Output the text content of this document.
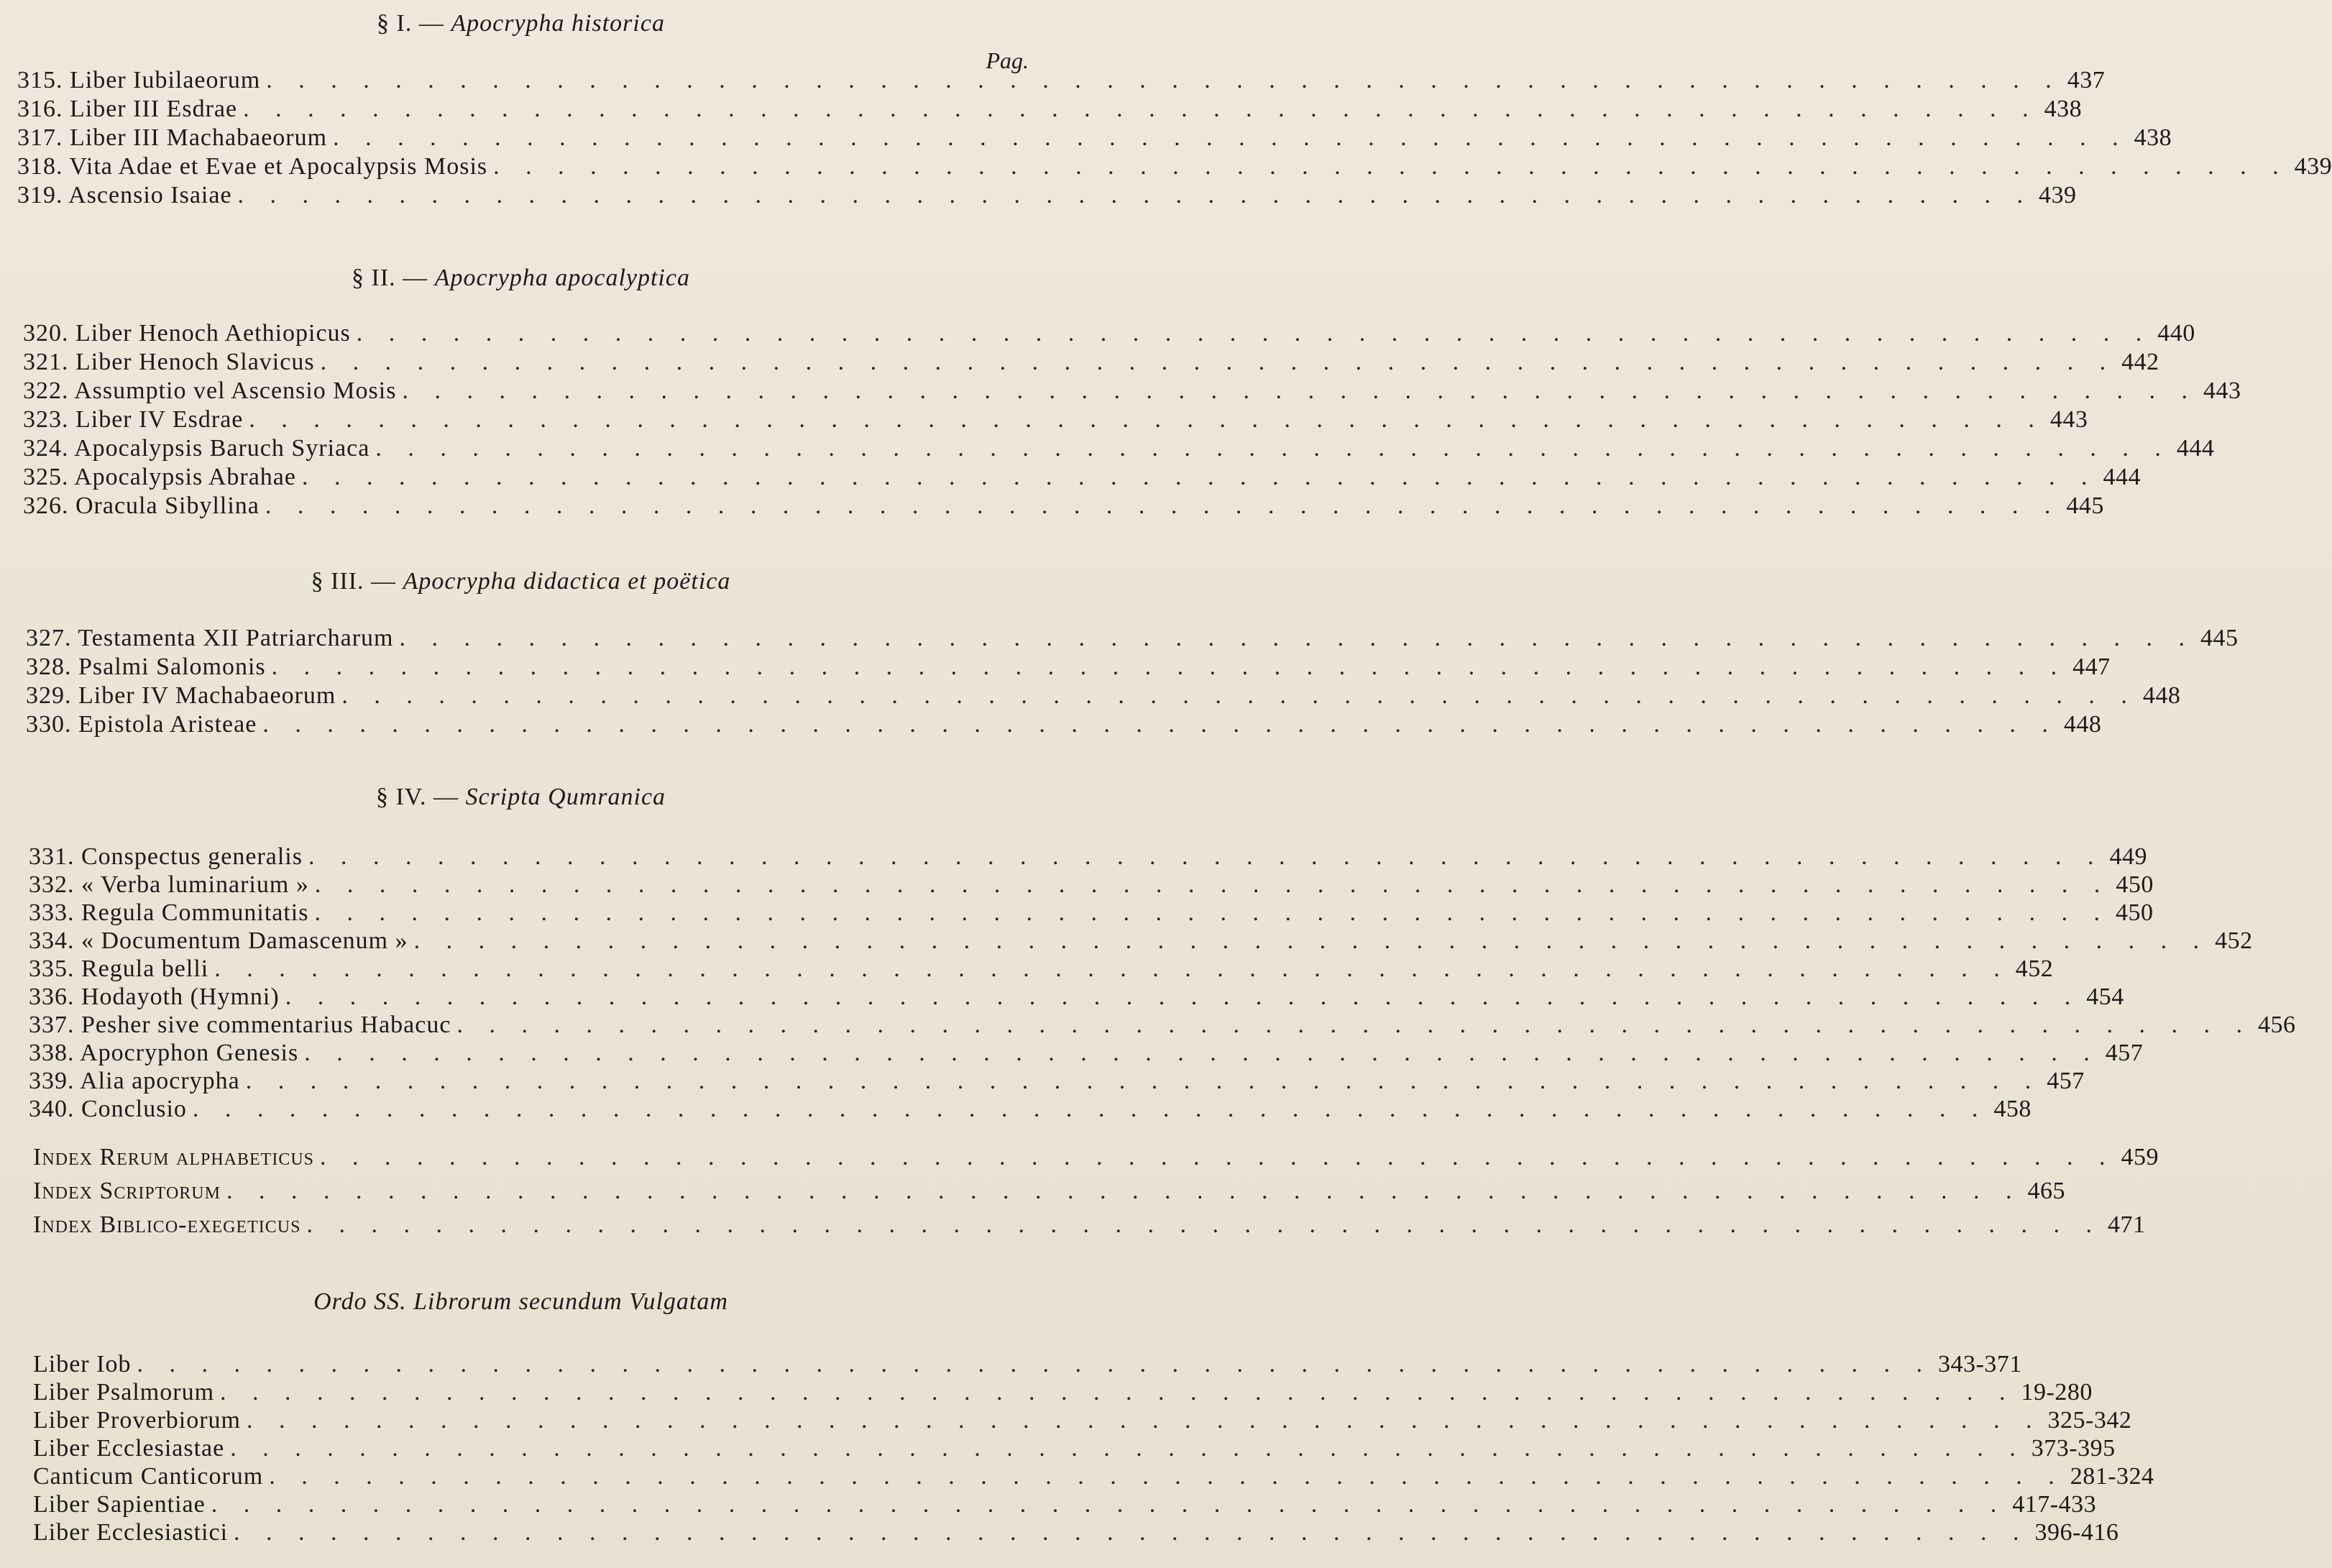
§ I. — Apocrypha historica
Pag.
315. Liber Iubilaeorum . . . . . . . . . . . . . . . . . . . . . . . . . . . . . . . . . . . . . . . . . . . . . . . . . . . . . . . . 437
316. Liber III Esdrae . . . . . . . . . . . . . . . . . . . . . . . . . . . . . . . . . . . . . . . . . . . . . . . . . . . . . . . . 438
317. Liber III Machabaeorum . . . . . . . . . . . . . . . . . . . . . . . . . . . . . . . . . . . . . . . . . . . . . . . . . . . . . . . . 438
318. Vita Adae et Evae et Apocalypsis Mosis . . . . . . . . . . . . . . . . . . . . . . . . . . . . . . . . . . . . . . . . . . . . . . . . . . . . . . . . 439
319. Ascensio Isaiae . . . . . . . . . . . . . . . . . . . . . . . . . . . . . . . . . . . . . . . . . . . . . . . . . . . . . . . . 439
§ II. — Apocrypha apocalyptica
320. Liber Henoch Aethiopicus . . . . . . . . . . . . . . . . . . . . . . . . . . . . . . . . . . . . . . . . . . . . . . . . . . . . . . . . 440
321. Liber Henoch Slavicus . . . . . . . . . . . . . . . . . . . . . . . . . . . . . . . . . . . . . . . . . . . . . . . . . . . . . . . . 442
322. Assumptio vel Ascensio Mosis . . . . . . . . . . . . . . . . . . . . . . . . . . . . . . . . . . . . . . . . . . . . . . . . . . . . . . . . 443
323. Liber IV Esdrae . . . . . . . . . . . . . . . . . . . . . . . . . . . . . . . . . . . . . . . . . . . . . . . . . . . . . . . . 443
324. Apocalypsis Baruch Syriaca . . . . . . . . . . . . . . . . . . . . . . . . . . . . . . . . . . . . . . . . . . . . . . . . . . . . . . . . 444
325. Apocalypsis Abrahae . . . . . . . . . . . . . . . . . . . . . . . . . . . . . . . . . . . . . . . . . . . . . . . . . . . . . . . . 444
326. Oracula Sibyllina . . . . . . . . . . . . . . . . . . . . . . . . . . . . . . . . . . . . . . . . . . . . . . . . . . . . . . . . 445
§ III. — Apocrypha didactica et poëtica
327. Testamenta XII Patriarcharum . . . . . . . . . . . . . . . . . . . . . . . . . . . . . . . . . . . . . . . . . . . . . . . . . . . . . . . . 445
328. Psalmi Salomonis . . . . . . . . . . . . . . . . . . . . . . . . . . . . . . . . . . . . . . . . . . . . . . . . . . . . . . . . 447
329. Liber IV Machabaeorum . . . . . . . . . . . . . . . . . . . . . . . . . . . . . . . . . . . . . . . . . . . . . . . . . . . . . . . . 448
330. Epistola Aristeae . . . . . . . . . . . . . . . . . . . . . . . . . . . . . . . . . . . . . . . . . . . . . . . . . . . . . . . . 448
§ IV. — Scripta Qumranica
331. Conspectus generalis . . . . . . . . . . . . . . . . . . . . . . . . . . . . . . . . . . . . . . . . . . . . . . . . . . . . . . . . 449
332. « Verba luminarium » . . . . . . . . . . . . . . . . . . . . . . . . . . . . . . . . . . . . . . . . . . . . . . . . . . . . . . . . 450
333. Regula Communitatis . . . . . . . . . . . . . . . . . . . . . . . . . . . . . . . . . . . . . . . . . . . . . . . . . . . . . . . . 450
334. « Documentum Damascenum » . . . . . . . . . . . . . . . . . . . . . . . . . . . . . . . . . . . . . . . . . . . . . . . . . . . . . . . . 452
335. Regula belli . . . . . . . . . . . . . . . . . . . . . . . . . . . . . . . . . . . . . . . . . . . . . . . . . . . . . . . . 452
336. Hodayoth (Hymni) . . . . . . . . . . . . . . . . . . . . . . . . . . . . . . . . . . . . . . . . . . . . . . . . . . . . . . . . 454
337. Pesher sive commentarius Habacuc . . . . . . . . . . . . . . . . . . . . . . . . . . . . . . . . . . . . . . . . . . . . . . . . . . . . . . . . 456
338. Apocryphon Genesis . . . . . . . . . . . . . . . . . . . . . . . . . . . . . . . . . . . . . . . . . . . . . . . . . . . . . . . . 457
339. Alia apocrypha . . . . . . . . . . . . . . . . . . . . . . . . . . . . . . . . . . . . . . . . . . . . . . . . . . . . . . . . 457
340. Conclusio . . . . . . . . . . . . . . . . . . . . . . . . . . . . . . . . . . . . . . . . . . . . . . . . . . . . . . . . 458
Index Rerum alphabeticus . . . . . . . . . . . . . . . . . . . . . . . . . . . . . . . . . . . . . . . . . . . . . . . . . . . . . . . . 459
Index Scriptorum . . . . . . . . . . . . . . . . . . . . . . . . . . . . . . . . . . . . . . . . . . . . . . . . . . . . . . . . 465
Index Biblico-exegeticus . . . . . . . . . . . . . . . . . . . . . . . . . . . . . . . . . . . . . . . . . . . . . . . . . . . . . . . . 471
Ordo SS. Librorum secundum Vulgatam
Liber Iob . . . . . . . . . . . . . . . . . . . . . . . . . . . . . . . . . . . . . . . . . . . . . . . . . . . . . . . . 343-371
Liber Psalmorum . . . . . . . . . . . . . . . . . . . . . . . . . . . . . . . . . . . . . . . . . . . . . . . . . . . . . . . . 19-280
Liber Proverbiorum . . . . . . . . . . . . . . . . . . . . . . . . . . . . . . . . . . . . . . . . . . . . . . . . . . . . . . . . 325-342
Liber Ecclesiastae . . . . . . . . . . . . . . . . . . . . . . . . . . . . . . . . . . . . . . . . . . . . . . . . . . . . . . . . 373-395
Canticum Canticorum . . . . . . . . . . . . . . . . . . . . . . . . . . . . . . . . . . . . . . . . . . . . . . . . . . . . . . . . 281-324
Liber Sapientiae . . . . . . . . . . . . . . . . . . . . . . . . . . . . . . . . . . . . . . . . . . . . . . . . . . . . . . . . 417-433
Liber Ecclesiastici . . . . . . . . . . . . . . . . . . . . . . . . . . . . . . . . . . . . . . . . . . . . . . . . . . . . . . . . 396-416
